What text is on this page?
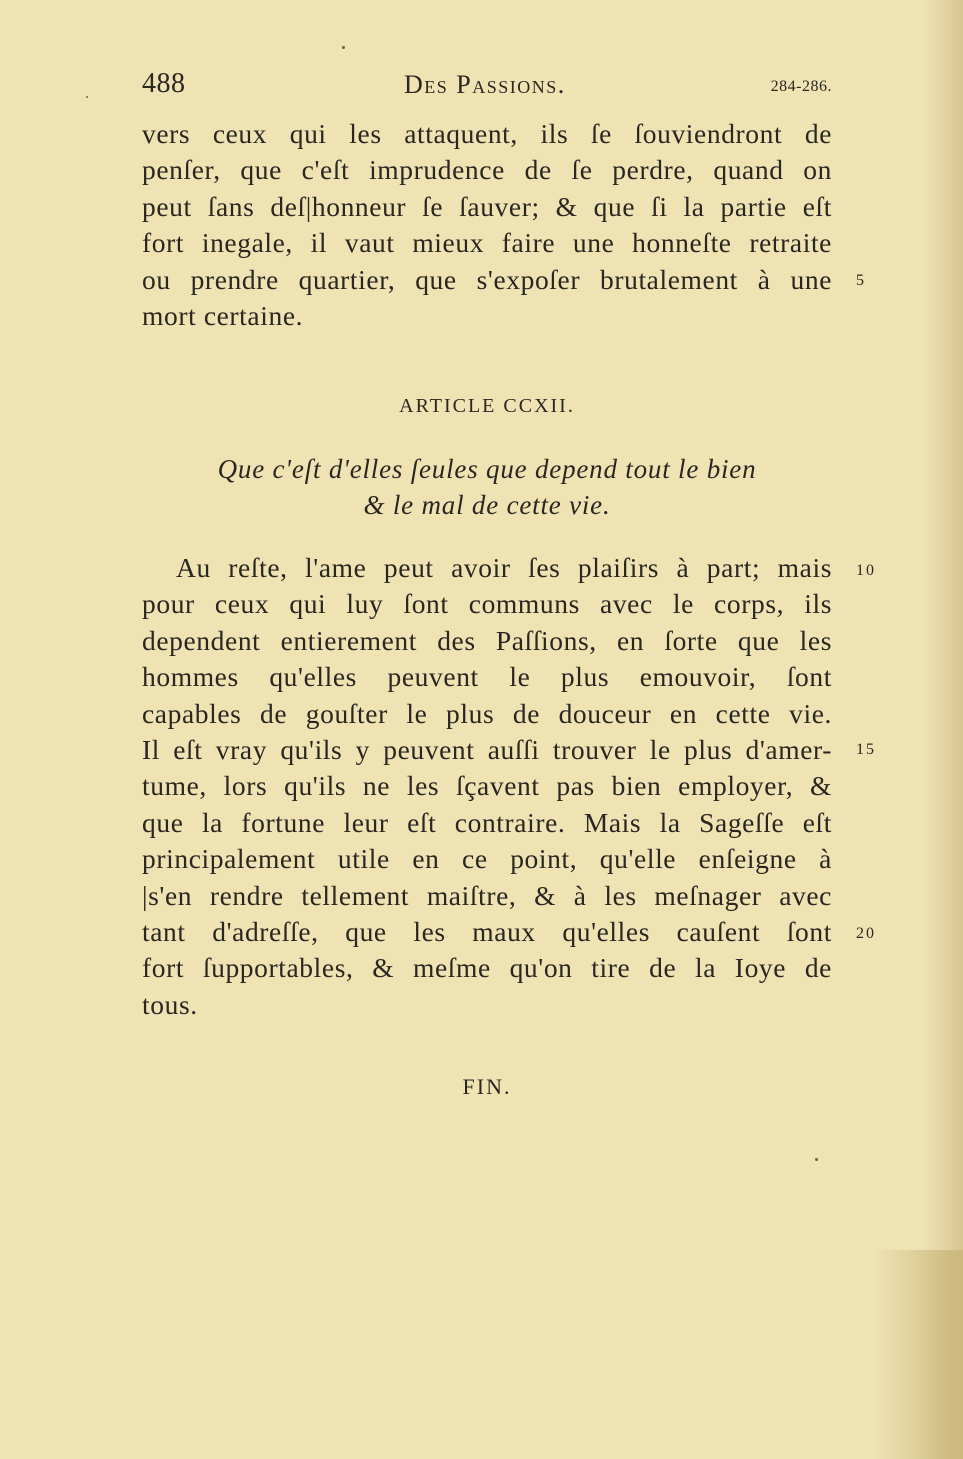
488	Des Passions.	284-286.
vers ceux qui les attaquent, ils ſe ſouviendront de
penſer, que c'eſt imprudence de ſe perdre, quand on
peut ſans deſ|honneur ſe ſauver; & que ſi la partie eſt
fort inegale, il vaut mieux faire une honneſte retraite
ou prendre quartier, que s'expoſer brutalement à une
mort certaine.
ARTICLE CCXII.
Que c'eſt d'elles ſeules que depend tout le bien
& le mal de cette vie.
Au reſte, l'ame peut avoir ſes plaiſirs à part; mais
pour ceux qui luy ſont communs avec le corps, ils
dependent entierement des Paſſions, en ſorte que les
hommes qu'elles peuvent le plus emouvoir, ſont
capables de gouſter le plus de douceur en cette vie.
Il eſt vray qu'ils y peuvent auſſi trouver le plus d'amer-
tume, lors qu'ils ne les ſçavent pas bien employer, &
que la fortune leur eſt contraire. Mais la Sageſſe eſt
principalement utile en ce point, qu'elle enſeigne à
|s'en rendre tellement maiſtre, & à les meſnager avec
tant d'adreſſe, que les maux qu'elles cauſent ſont
fort ſupportables, & meſme qu'on tire de la Ioye de
tous.
5
10
15
20
FIN.
